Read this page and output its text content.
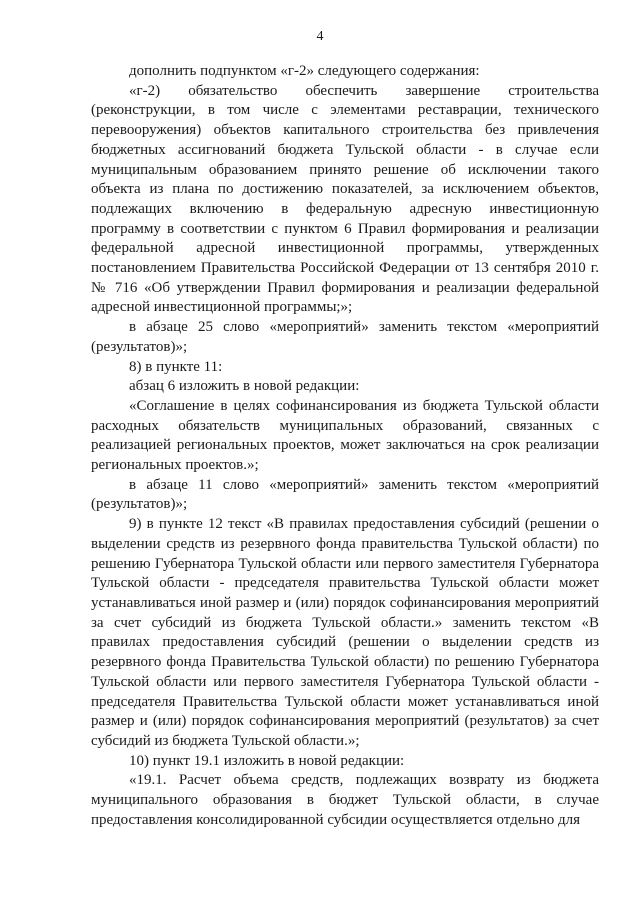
4

дополнить подпунктом «г-2» следующего содержания:

«г-2) обязательство обеспечить завершение строительства (реконструкции, в том числе с элементами реставрации, технического перевооружения) объектов капитального строительства без привлечения бюджетных ассигнований бюджета Тульской области - в случае если муниципальным образованием принято решение об исключении такого объекта из плана по достижению показателей, за исключением объектов, подлежащих включению в федеральную адресную инвестиционную программу в соответствии с пунктом 6 Правил формирования и реализации федеральной адресной инвестиционной программы, утвержденных постановлением Правительства Российской Федерации от 13 сентября 2010 г. № 716 «Об утверждении Правил формирования и реализации федеральной адресной инвестиционной программы;»;

в абзаце 25 слово «мероприятий» заменить текстом «мероприятий (результатов)»;

8) в пункте 11:

абзац 6 изложить в новой редакции:

«Соглашение в целях софинансирования из бюджета Тульской области расходных обязательств муниципальных образований, связанных с реализацией региональных проектов, может заключаться на срок реализации региональных проектов.»;

в абзаце 11 слово «мероприятий» заменить текстом «мероприятий (результатов)»;

9) в пункте 12 текст «В правилах предоставления субсидий (решении о выделении средств из резервного фонда правительства Тульской области) по решению Губернатора Тульской области или первого заместителя Губернатора Тульской области - председателя правительства Тульской области может устанавливаться иной размер и (или) порядок софинансирования мероприятий за счет субсидий из бюджета Тульской области.» заменить текстом «В правилах предоставления субсидий (решении о выделении средств из резервного фонда Правительства Тульской области) по решению Губернатора Тульской области или первого заместителя Губернатора Тульской области - председателя Правительства Тульской области может устанавливаться иной размер и (или) порядок софинансирования мероприятий (результатов) за счет субсидий из бюджета Тульской области.»;

10) пункт 19.1 изложить в новой редакции:

«19.1. Расчет объема средств, подлежащих возврату из бюджета муниципального образования в бюджет Тульской области, в случае предоставления консолидированной субсидии осуществляется отдельно для
